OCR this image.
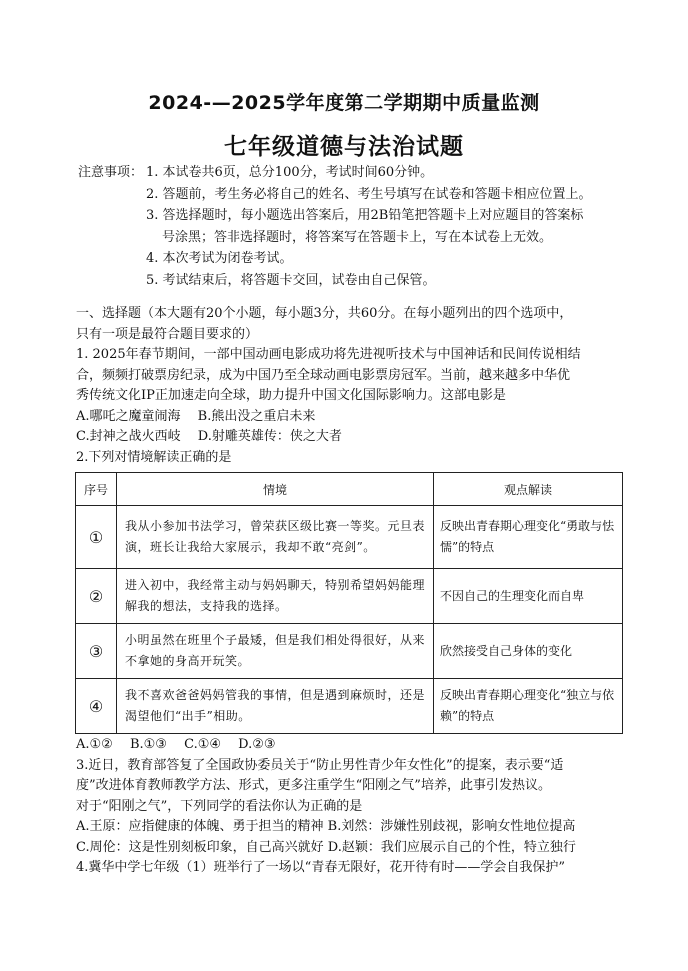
2024-—2025学年度第二学期期中质量监测
七年级道德与法治试题
注意事项： 1. 本试卷共6页，总分100分，考试时间60分钟。
2. 答题前，考生务必将自己的姓名、考生号填写在试卷和答题卡相应位置上。
3. 答选择题时，每小题选出答案后，用2B铅笔把答题卡上对应题目的答案标
号涂黑；答非选择题时，将答案写在答题卡上，写在本试卷上无效。
4. 本次考试为闭卷考试。
5. 考试结束后，将答题卡交回，试卷由自己保管。

一、选择题（本大题有20个小题，每小题3分，共60分。在每小题列出的四个选项中，

只有一项是最符合题目要求的）

1. 2025年春节期间，一部中国动画电影成功将先进视听技术与中国神话和民间传说相结

合，频频打破票房纪录，成为中国乃至全球动画电影票房冠军。当前，越来越多中华优

秀传统文化IP正加速走向全球，助力提升中国文化国际影响力。这部电影是

A.哪吒之魔童闹海　 B.熊出没之重启未来

C.封神之战火西岐　 D.射雕英雄传：侠之大者

2.下列对情境解读正确的是

序号	情境	观点解读
①	我从小参加书法学习，曾荣获区级比赛一等奖。元旦表演，班长让我给大家展示，我却不敢“亮剑”。	反映出青春期心理变化“勇敢与怯懦”的特点
②	进入初中，我经常主动与妈妈聊天，特别希望妈妈能理解我的想法，支持我的选择。	不因自己的生理变化而自卑
③	小明虽然在班里个子最矮，但是我们相处得很好，从来不拿她的身高开玩笑。	欣然接受自己身体的变化
④	我不喜欢爸爸妈妈管我的事情，但是遇到麻烦时，还是渴望他们“出手”相助。	反映出青春期心理变化“独立与依赖”的特点

A.①②　 B.①③　 C.①④　 D.②③

3.近日，教育部答复了全国政协委员关于“防止男性青少年女性化”的提案，表示要“适

度”改进体育教师教学方法、形式，更多注重学生“阳刚之气”培养，此事引发热议。

对于“阳刚之气”，下列同学的看法你认为正确的是

A.王原：应指健康的体魄、勇于担当的精神 B.刘然：涉嫌性别歧视，影响女性地位提高

C.周伦：这是性别刻板印象，自己高兴就好 D.赵颖：我们应展示自己的个性，特立独行

4.冀华中学七年级（1）班举行了一场以“青春无限好，花开待有时——学会自我保护”
